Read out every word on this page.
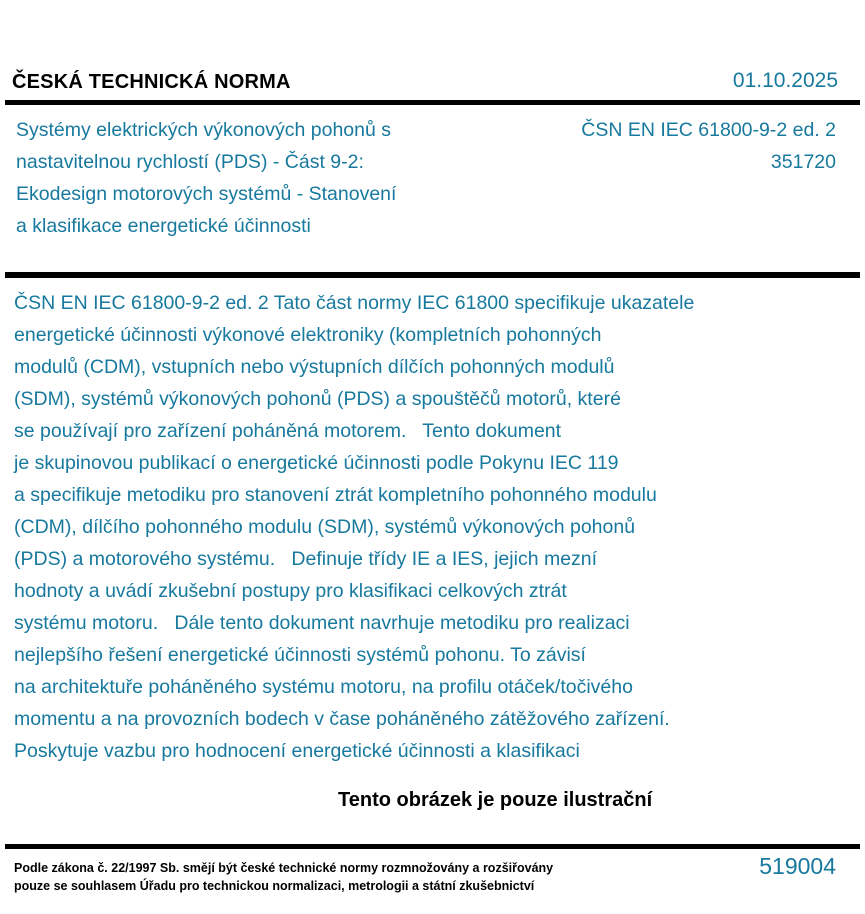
ČESKÁ TECHNICKÁ NORMA	01.10.2025
Systémy elektrických výkonových pohonů s
nastavitelnou rychlostí (PDS) - Část 9-2:
Ekodesign motorových systémů - Stanovení
a klasifikace energetické účinnosti
ČSN EN IEC 61800-9-2 ed. 2
351720
ČSN EN IEC 61800-9-2 ed. 2 Tato část normy IEC 61800 specifikuje ukazatele
energetické účinnosti výkonové elektroniky (kompletních pohonných
modulů (CDM), vstupních nebo výstupních dílčích pohonných modulů
(SDM), systémů výkonových pohonů (PDS) a spouštěčů motorů, které
se používají pro zařízení poháněná motorem.   Tento dokument
je skupinovou publikací o energetické účinnosti podle Pokynu IEC 119
a specifikuje metodiku pro stanovení ztrát kompletního pohonného modulu
(CDM), dílčího pohonného modulu (SDM), systémů výkonových pohonů
(PDS) a motorového systému.   Definuje třídy IE a IES, jejich mezní
hodnoty a uvádí zkušební postupy pro klasifikaci celkových ztrát
systému motoru.   Dále tento dokument navrhuje metodiku pro realizaci
nejlepšího řešení energetické účinnosti systémů pohonu. To závisí
na architektuře poháněného systému motoru, na profilu otáček/točivého
momentu a na provozních bodech v čase poháněného zátěžového zařízení.
Poskytuje vazbu pro hodnocení energetické účinnosti a klasifikaci
Tento obrázek je pouze ilustrační
Podle zákona č. 22/1997 Sb. smějí být české technické normy rozmnožovány a rozšiřovány
pouze se souhlasem Úřadu pro technickou normalizaci, metrologii a státní zkušebnictví
519004
